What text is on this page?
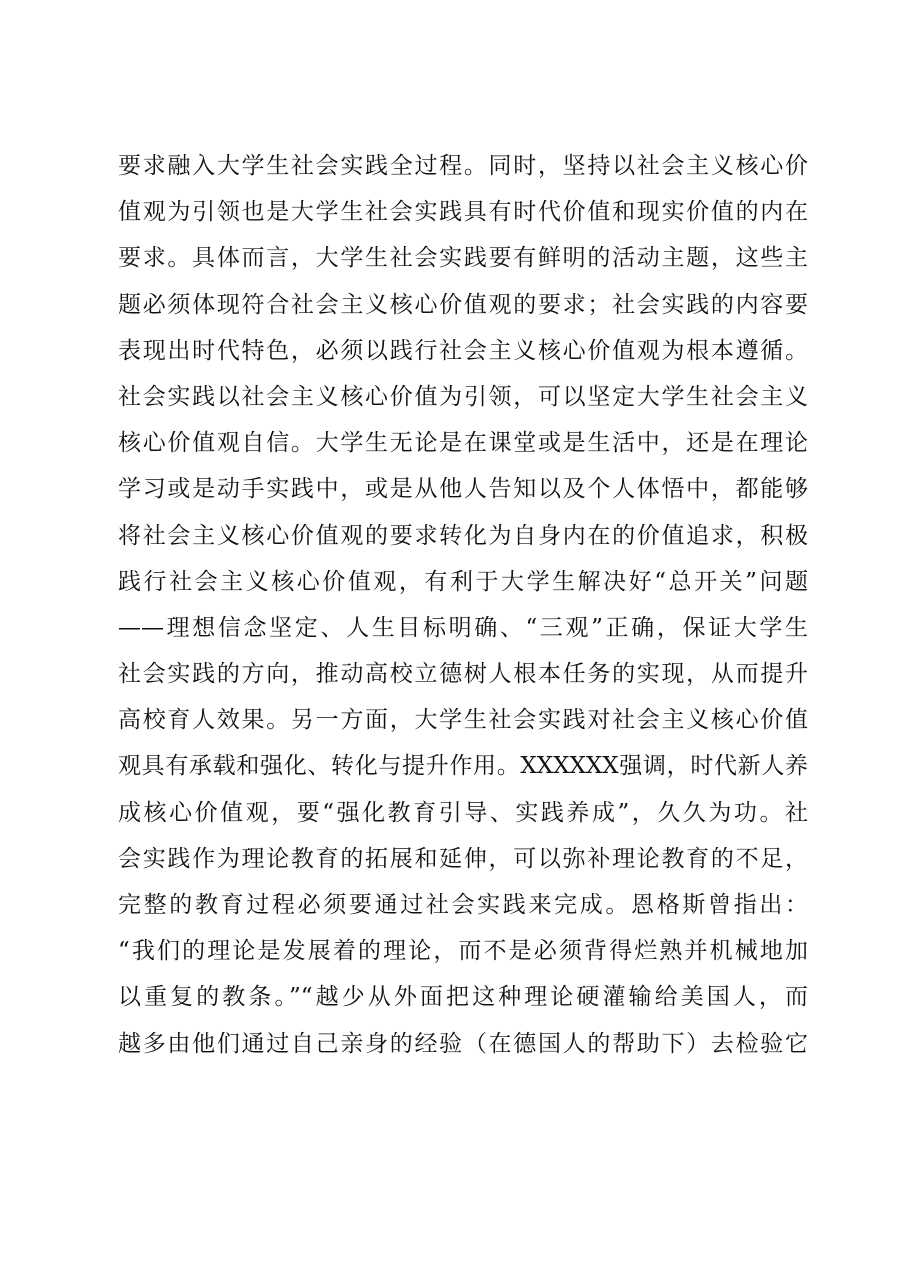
要求融入大学生社会实践全过程。同时，坚持以社会主义核心价
值观为引领也是大学生社会实践具有时代价值和现实价值的内在
要求。具体而言，大学生社会实践要有鲜明的活动主题，这些主
题必须体现符合社会主义核心价值观的要求；社会实践的内容要
表现出时代特色，必须以践行社会主义核心价值观为根本遵循。
社会实践以社会主义核心价值为引领，可以坚定大学生社会主义
核心价值观自信。大学生无论是在课堂或是生活中，还是在理论
学习或是动手实践中，或是从他人告知以及个人体悟中，都能够
将社会主义核心价值观的要求转化为自身内在的价值追求，积极
践行社会主义核心价值观，有利于大学生解决好“总开关”问题
——理想信念坚定、人生目标明确、“三观”正确，保证大学生
社会实践的方向，推动高校立德树人根本任务的实现，从而提升
高校育人效果。另一方面，大学生社会实践对社会主义核心价值
观具有承载和强化、转化与提升作用。XXXXXX强调，时代新人养
成核心价值观，要“强化教育引导、实践养成”，久久为功。社
会实践作为理论教育的拓展和延伸，可以弥补理论教育的不足，
完整的教育过程必须要通过社会实践来完成。恩格斯曾指出：
“我们的理论是发展着的理论，而不是必须背得烂熟并机械地加
以重复的教条。”“越少从外面把这种理论硬灌输给美国人，而
越多由他们通过自己亲身的经验（在德国人的帮助下）去检验它
